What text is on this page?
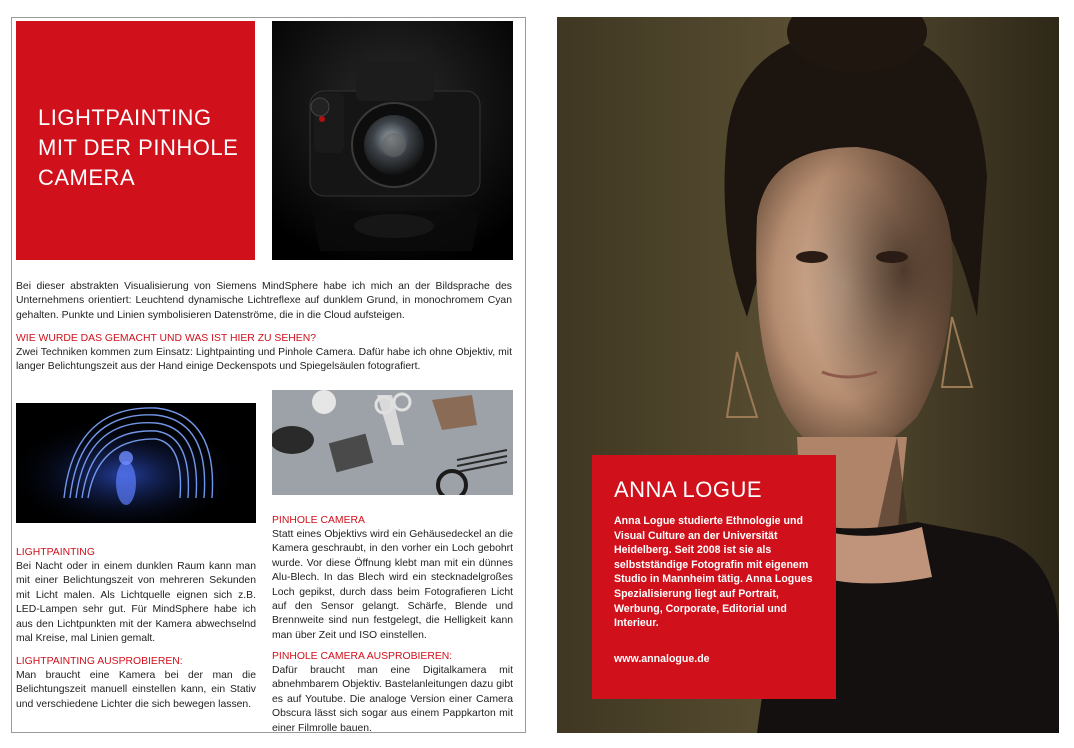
LIGHTPAINTING MIT DER PINHOLE CAMERA

Bei dieser abstrakten Visualisierung von Siemens MindSphere habe ich mich an der Bildsprache des Unternehmens orientiert: Leuchtend dynamische Lichtreflexe auf dunklem Grund, in monochromem Cyan gehalten. Punkte und Linien symbolisieren Datenströme, die in die Cloud aufsteigen.

WIE WURDE DAS GEMACHT UND WAS IST HIER ZU SEHEN?

Zwei Techniken kommen zum Einsatz: Lightpainting und Pinhole Camera. Dafür habe ich ohne Objektiv, mit langer Belichtungszeit aus der Hand einige Deckenspots und Spiegelsäulen fotografiert.

LIGHTPAINTING

Bei Nacht oder in einem dunklen Raum kann man mit einer Belichtungszeit von mehreren Sekunden mit Licht malen. Als Lichtquelle eignen sich z.B. LED-Lampen sehr gut. Für MindSphere habe ich aus den Lichtpunkten mit der Kamera abwechselnd mal Kreise, mal Linien gemalt.

LIGHTPAINTING AUSPROBIEREN:

Man braucht eine Kamera bei der man die Belichtungszeit manuell einstellen kann, ein Stativ und verschiedene Lichter die sich bewegen lassen.

PINHOLE CAMERA

Statt eines Objektivs wird ein Gehäusedeckel an die Kamera geschraubt, in den vorher ein Loch gebohrt wurde. Vor diese Öffnung klebt man mit ein dünnes Alu-Blech. In das Blech wird ein stecknadelgroßes Loch gepikst, durch dass beim Fotografieren Licht auf den Sensor gelangt. Schärfe, Blende und Brennweite sind nun festgelegt, die Helligkeit kann man über Zeit und ISO einstellen.

PINHOLE CAMERA AUSPROBIEREN:

Dafür braucht man eine Digitalkamera mit abnehmbarem Objektiv. Bastelanleitungen dazu gibt es auf Youtube. Die analoge Version einer Camera Obscura lässt sich sogar aus einem Pappkarton mit einer Filmrolle bauen.

ANNA LOGUE

Anna Logue studierte Ethnologie und Visual Culture an der Universität Heidelberg. Seit 2008 ist sie als selbstständige Fotografin mit eigenem Studio in Mannheim tätig. Anna Logues Spezialisierung liegt auf Portrait, Werbung, Corporate, Editorial und Interieur.

www.annalogue.de
